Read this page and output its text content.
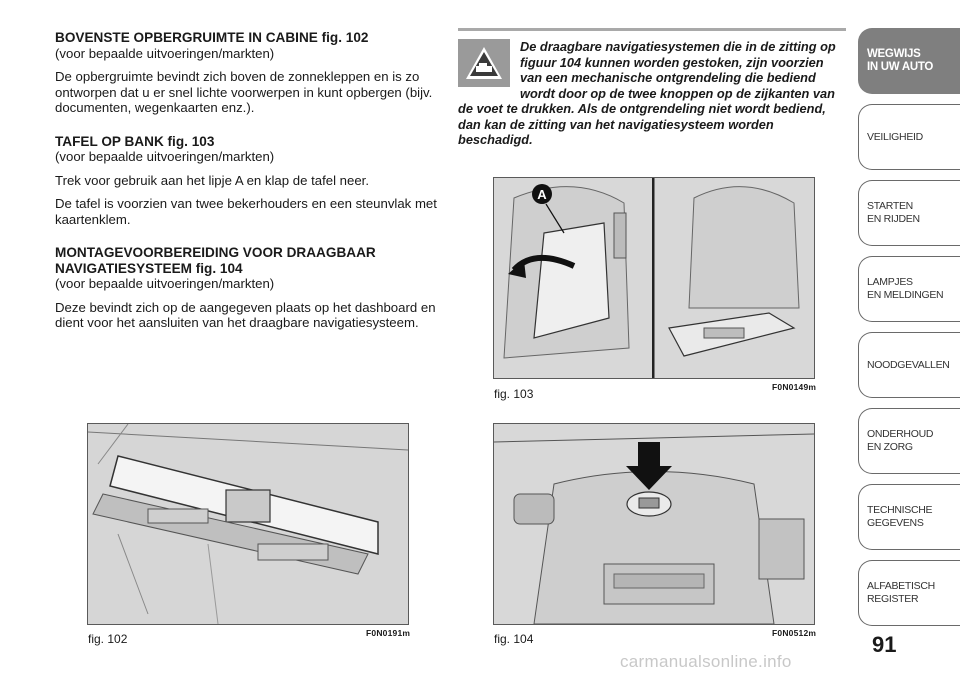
BOVENSTE OPBERGRUIMTE IN CABINE fig. 102

(voor bepaalde uitvoeringen/markten)

De opbergruimte bevindt zich boven de zonnekleppen en is zo ontworpen dat u er snel lichte voorwerpen in kunt opbergen (bijv. documenten, wegenkaarten enz.).

TAFEL OP BANK fig. 103

(voor bepaalde uitvoeringen/markten)

Trek voor gebruik aan het lipje A en klap de tafel neer.

De tafel is voorzien van twee bekerhouders en een steunvlak met kaartenklem.

MONTAGEVOORBEREIDING VOOR DRAAGBAAR NAVIGATIESYSTEEM fig. 104

(voor bepaalde uitvoeringen/markten)

Deze bevindt zich op de aangegeven plaats op het dashboard en dient voor het aansluiten van het draagbare navigatiesysteem.

De draagbare navigatiesystemen die in de zitting op figuur 104 kunnen worden gestoken, zijn voorzien van een mechanische ontgrendeling die bediend wordt door op de twee knoppen op de zijkanten van de voet te drukken. Als de ontgrendeling niet wordt bediend, dan kan de zitting van het navigatiesysteem worden beschadigd.
fig. 102	F0N0191m
A
fig. 103	F0N0149m
fig. 104	F0N0512m
WEGWIJS
IN UW AUTO
VEILIGHEID
STARTEN
EN RIJDEN
LAMPJES
EN MELDINGEN
NOODGEVALLEN
ONDERHOUD
EN ZORG
TECHNISCHE
GEGEVENS
ALFABETISCH
REGISTER
91
carmanualsonline.info
